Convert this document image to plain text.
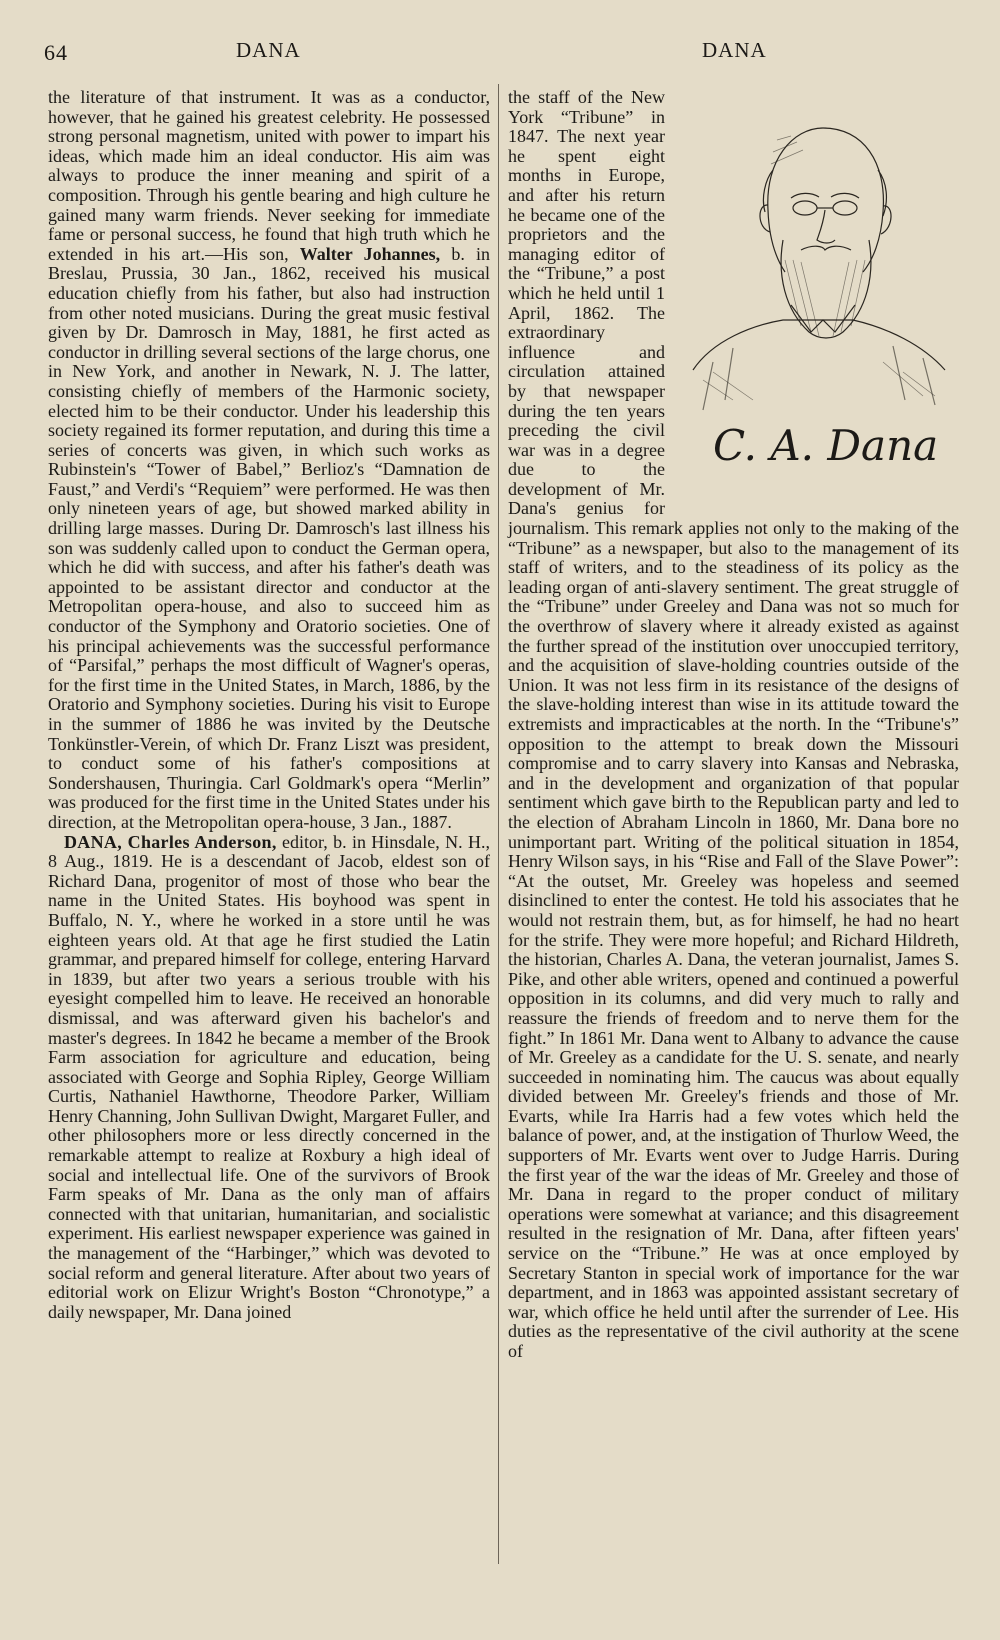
64	DANA	DANA

the literature of that instrument. It was as a conductor, however, that he gained his greatest celebrity. He possessed strong personal magnetism, united with power to impart his ideas, which made him an ideal conductor. His aim was always to produce the inner meaning and spirit of a composition. Through his gentle bearing and high culture he gained many warm friends. Never seeking for immediate fame or personal success, he found that high truth which he extended in his art.—His son, Walter Johannes, b. in Breslau, Prussia, 30 Jan., 1862, received his musical education chiefly from his father, but also had instruction from other noted musicians. During the great music festival given by Dr. Damrosch in May, 1881, he first acted as conductor in drilling several sections of the large chorus, one in New York, and another in Newark, N. J. The latter, consisting chiefly of members of the Harmonic society, elected him to be their conductor. Under his leadership this society regained its former reputation, and during this time a series of concerts was given, in which such works as Rubinstein's “Tower of Babel,” Berlioz's “Damnation de Faust,” and Verdi's “Requiem” were performed. He was then only nineteen years of age, but showed marked ability in drilling large masses. During Dr. Damrosch's last illness his son was suddenly called upon to conduct the German opera, which he did with success, and after his father's death was appointed to be assistant director and conductor at the Metropolitan opera-house, and also to succeed him as conductor of the Symphony and Oratorio societies. One of his principal achievements was the successful performance of “Parsifal,” perhaps the most difficult of Wagner's operas, for the first time in the United States, in March, 1886, by the Oratorio and Symphony societies. During his visit to Europe in the summer of 1886 he was invited by the Deutsche Tonkünstler-Verein, of which Dr. Franz Liszt was president, to conduct some of his father's compositions at Sondershausen, Thuringia. Carl Goldmark's opera “Merlin” was produced for the first time in the United States under his direction, at the Metropolitan opera-house, 3 Jan., 1887.

DANA, Charles Anderson, editor, b. in Hinsdale, N. H., 8 Aug., 1819. He is a descendant of Jacob, eldest son of Richard Dana, progenitor of most of those who bear the name in the United States. His boyhood was spent in Buffalo, N. Y., where he worked in a store until he was eighteen years old. At that age he first studied the Latin grammar, and prepared himself for college, entering Harvard in 1839, but after two years a serious trouble with his eyesight compelled him to leave. He received an honorable dismissal, and was afterward given his bachelor's and master's degrees. In 1842 he became a member of the Brook Farm association for agriculture and education, being associated with George and Sophia Ripley, George William Curtis, Nathaniel Hawthorne, Theodore Parker, William Henry Channing, John Sullivan Dwight, Margaret Fuller, and other philosophers more or less directly concerned in the remarkable attempt to realize at Roxbury a high ideal of social and intellectual life. One of the survivors of Brook Farm speaks of Mr. Dana as the only man of affairs connected with that unitarian, humanitarian, and socialistic experiment. His earliest newspaper experience was gained in the management of the “Harbinger,” which was devoted to social reform and general literature. After about two years of editorial work on Elizur Wright's Boston “Chronotype,” a daily newspaper, Mr. Dana joined

C. A. Dana

the staff of the New York “Tribune” in 1847. The next year he spent eight months in Europe, and after his return he became one of the proprietors and the managing editor of the “Tribune,” a post which he held until 1 April, 1862. The extraordinary influence and circulation attained by that newspaper during the ten years preceding the civil war was in a degree due to the development of Mr. Dana's genius for journalism. This remark applies not only to the making of the “Tribune” as a newspaper, but also to the management of its staff of writers, and to the steadiness of its policy as the leading organ of anti-slavery sentiment. The great struggle of the “Tribune” under Greeley and Dana was not so much for the overthrow of slavery where it already existed as against the further spread of the institution over unoccupied territory, and the acquisition of slave-holding countries outside of the Union. It was not less firm in its resistance of the designs of the slave-holding interest than wise in its attitude toward the extremists and impracticables at the north. In the “Tribune's” opposition to the attempt to break down the Missouri compromise and to carry slavery into Kansas and Nebraska, and in the development and organization of that popular sentiment which gave birth to the Republican party and led to the election of Abraham Lincoln in 1860, Mr. Dana bore no unimportant part. Writing of the political situation in 1854, Henry Wilson says, in his “Rise and Fall of the Slave Power”: “At the outset, Mr. Greeley was hopeless and seemed disinclined to enter the contest. He told his associates that he would not restrain them, but, as for himself, he had no heart for the strife. They were more hopeful; and Richard Hildreth, the historian, Charles A. Dana, the veteran journalist, James S. Pike, and other able writers, opened and continued a powerful opposition in its columns, and did very much to rally and reassure the friends of freedom and to nerve them for the fight.” In 1861 Mr. Dana went to Albany to advance the cause of Mr. Greeley as a candidate for the U. S. senate, and nearly succeeded in nominating him. The caucus was about equally divided between Mr. Greeley's friends and those of Mr. Evarts, while Ira Harris had a few votes which held the balance of power, and, at the instigation of Thurlow Weed, the supporters of Mr. Evarts went over to Judge Harris. During the first year of the war the ideas of Mr. Greeley and those of Mr. Dana in regard to the proper conduct of military operations were somewhat at variance; and this disagreement resulted in the resignation of Mr. Dana, after fifteen years' service on the “Tribune.” He was at once employed by Secretary Stanton in special work of importance for the war department, and in 1863 was appointed assistant secretary of war, which office he held until after the surrender of Lee. His duties as the representative of the civil authority at the scene of
